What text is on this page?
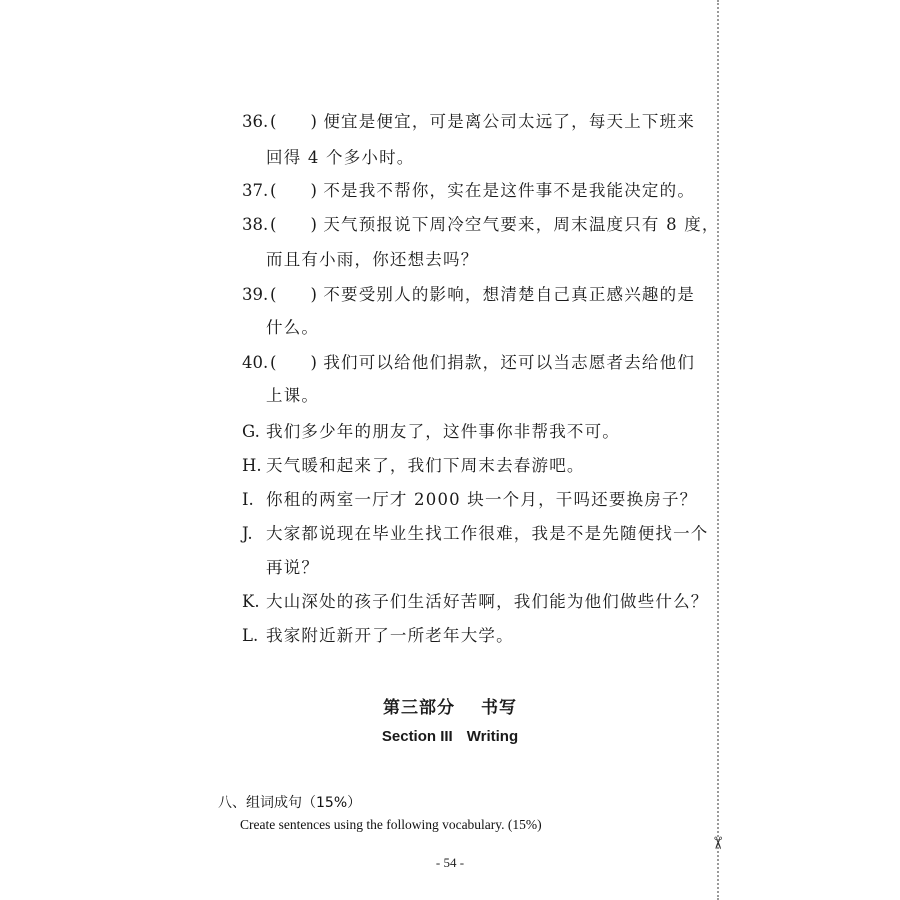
✂
36. ( ) 便宜是便宜，可是离公司太远了，每天上下班来
回得 4 个多小时。
37. ( ) 不是我不帮你，实在是这件事不是我能决定的。
38. ( ) 天气预报说下周冷空气要来，周末温度只有 8 度，
而且有小雨，你还想去吗？
39. ( ) 不要受别人的影响，想清楚自己真正感兴趣的是
什么。
40. ( ) 我们可以给他们捐款，还可以当志愿者去给他们
上课。
G. 我们多少年的朋友了，这件事你非帮我不可。
H. 天气暖和起来了，我们下周末去春游吧。
I. 你租的两室一厅才 2000 块一个月，干吗还要换房子？
J. 大家都说现在毕业生找工作很难，我是不是先随便找一个
再说？
K. 大山深处的孩子们生活好苦啊，我们能为他们做些什么？
L. 我家附近新开了一所老年大学。
第三部分 书写
Section III Writing
八、组词成句（15%）
Create sentences using the following vocabulary. (15%)
- 54 -
